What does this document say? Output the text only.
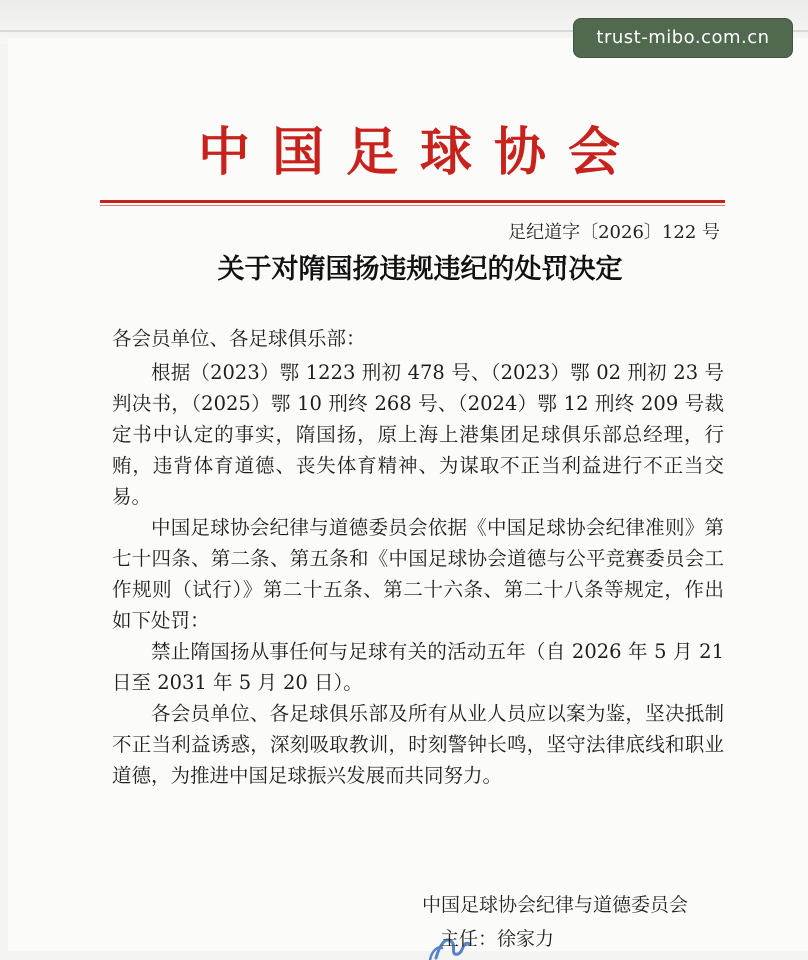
trust-mibo.com.cn
中国足球协会
足纪道字〔2026〕122 号
关于对隋国扬违规违纪的处罚决定

各会员单位、各足球俱乐部：

根据（2023）鄂 1223 刑初 478 号、（2023）鄂 02 刑初 23 号判决书，（2025）鄂 10 刑终 268 号、（2024）鄂 12 刑终 209 号裁定书中认定的事实，隋国扬，原上海上港集团足球俱乐部总经理，行贿，违背体育道德、丧失体育精神、为谋取不正当利益进行不正当交易。

中国足球协会纪律与道德委员会依据《中国足球协会纪律准则》第七十四条、第二条、第五条和《中国足球协会道德与公平竞赛委员会工作规则（试行）》第二十五条、第二十六条、第二十八条等规定，作出如下处罚：

禁止隋国扬从事任何与足球有关的活动五年（自 2026 年 5 月 21 日至 2031 年 5 月 20 日）。

各会员单位、各足球俱乐部及所有从业人员应以案为鉴，坚决抵制不正当利益诱惑，深刻吸取教训，时刻警钟长鸣，坚守法律底线和职业道德，为推进中国足球振兴发展而共同努力。

中国足球协会纪律与道德委员会
主任：徐家力
